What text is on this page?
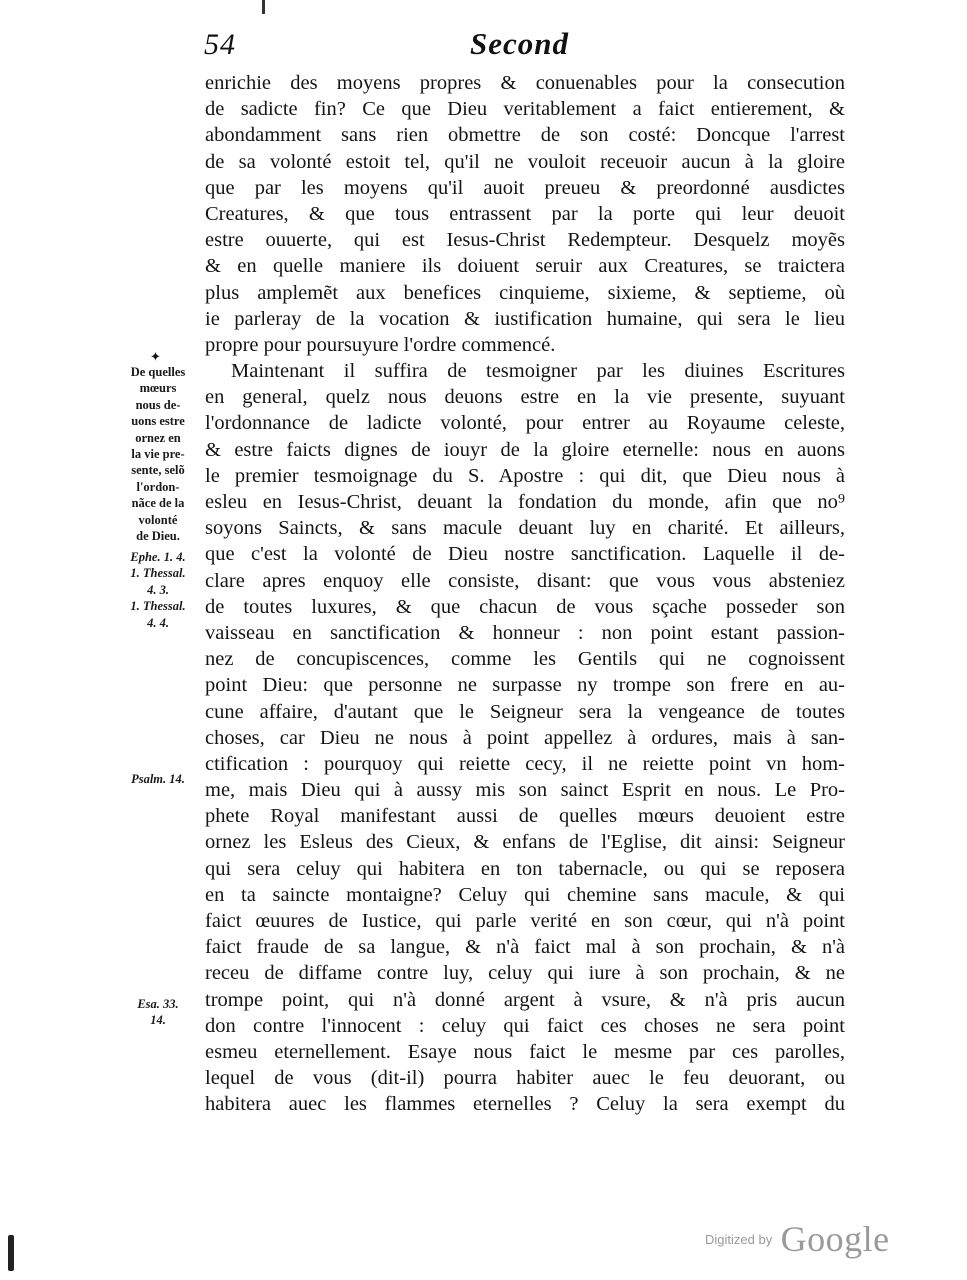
54	Second
enrichie des moyens propres & conuenables pour la consecution
de sadicte fin? Ce que Dieu veritablement a faict entierement, &
abondamment sans rien obmettre de son costé: Doncque l'arrest
de sa volonté estoit tel, qu'il ne vouloit receuoir aucun à la gloire
que par les moyens qu'il auoit preueu & preordonné ausdictes
Creatures, & que tous entrassent par la porte qui leur deuoit
estre ouuerte, qui est Iesus-Christ Redempteur. Desquelz moyẽs
& en quelle maniere ils doiuent seruir aux Creatures, se traictera
plus amplemẽt aux benefices cinquieme, sixieme, & septieme, où
ie parleray de la vocation & iustification humaine, qui sera le lieu
propre pour poursuyure l'ordre commencé.
Maintenant il suffira de tesmoigner par les diuines Escritures
en general, quelz nous deuons estre en la vie presente, suyuant
l'ordonnance de ladicte volonté, pour entrer au Royaume celeste,
& estre faicts dignes de iouyr de la gloire eternelle: nous en auons
le premier tesmoignage du S. Apostre : qui dit, que Dieu nous à
esleu en Iesus-Christ, deuant la fondation du monde, afin que no⁹
soyons Saincts, & sans macule deuant luy en charité. Et ailleurs,
que c'est la volonté de Dieu nostre sanctification. Laquelle il de-
clare apres enquoy elle consiste, disant: que vous vous absteniez
de toutes luxures, & que chacun de vous sçache posseder son
vaisseau en sanctification & honneur : non point estant passion-
nez de concupiscences, comme les Gentils qui ne cognoissent
point Dieu: que personne ne surpasse ny trompe son frere en au-
cune affaire, d'autant que le Seigneur sera la vengeance de toutes
choses, car Dieu ne nous à point appellez à ordures, mais à san-
ctification : pourquoy qui reiette cecy, il ne reiette point vn hom-
me, mais Dieu qui à aussy mis son sainct Esprit en nous. Le Pro-
phete Royal manifestant aussi de quelles mœurs deuoient estre
ornez les Esleus des Cieux, & enfans de l'Eglise, dit ainsi: Seigneur
qui sera celuy qui habitera en ton tabernacle, ou qui se reposera
en ta saincte montaigne? Celuy qui chemine sans macule, & qui
faict œuures de Iustice, qui parle verité en son cœur, qui n'à point
faict fraude de sa langue, & n'à faict mal à son prochain, & n'à
receu de diffame contre luy, celuy qui iure à son prochain, & ne
trompe point, qui n'à donné argent à vsure, & n'à pris aucun
don contre l'innocent : celuy qui faict ces choses ne sera point
esmeu eternellement. Esaye nous faict le mesme par ces parolles,
lequel de vous (dit-il) pourra habiter auec le feu deuorant, ou
habitera auec les flammes eternelles ? Celuy la sera exempt du
✦
De quelles
mœurs
nous de-
uons estre
ornez en
la vie pre-
sente, selõ
l'ordon-
nãce de la
volonté
de Dieu.
Ephe. 1. 4.
1. Thessal.
4. 3.
1. Thessal.
4. 4.
Psalm. 14.
Esa. 33.
14.
Digitized by Google
